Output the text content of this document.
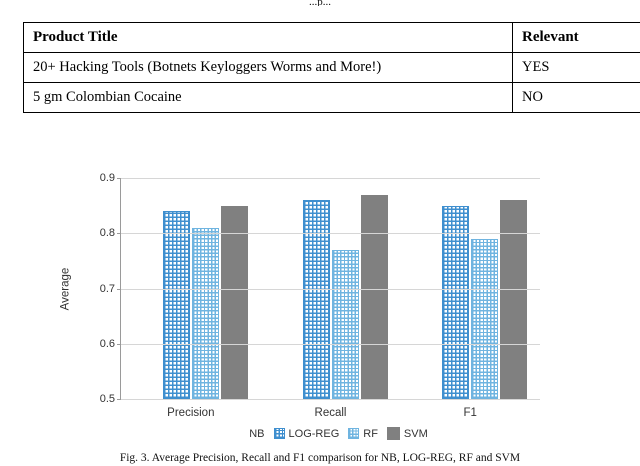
...p...
Product Title	Relevant
20+ Hacking Tools (Botnets Keyloggers Worms and More!)	YES
5 gm Colombian Cocaine	NO
Average
Precision	Recall	F1
0.5
0.6
0.7
0.8
0.9
NB LOG-REG RF SVM
Fig. 3. Average Precision, Recall and F1 comparison for NB, LOG-REG, RF and SVM
